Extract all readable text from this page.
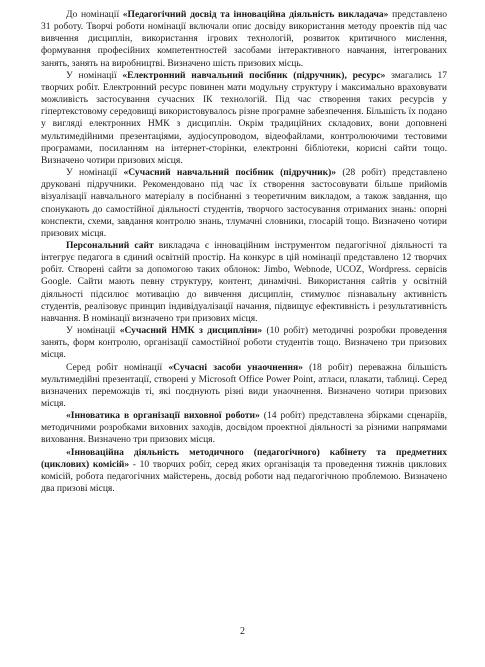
До номінації «Педагогічний досвід та інноваційна діяльність викладача» представлено 31 роботу. Творчі роботи номінації включали опис досвіду використання методу проектів під час вивчення дисциплін, використання ігрових технологій, розвиток критичного мислення, формування професійних компетентностей засобами інтерактивного навчання, інтегрованих занять, занять на виробництві. Визначено шість призових місць.

У номінації «Електронний навчальний посібник (підручник), ресурс» змагались 17 творчих робіт. Електронний ресурс повинен мати модульну структуру і максимально враховувати можливість застосування сучасних ІК технологій. Під час створення таких ресурсів у гіпертекстовому середовищі використовувалось різне програмне забезпечення. Більшість їх подано у вигляді електронних НМК з дисциплін. Окрім традиційних складових, вони доповнені мультимедійними презентаціями, аудіосупроводом, відеофайлами, контролюючими тестовими програмами, посиланням на інтернет-сторінки, електронні бібліотеки, корисні сайти тощо. Визначено чотири призових місця.

У номінації «Сучасний навчальний посібник (підручник)» (28 робіт) представлено друковані підручники. Рекомендовано під час їх створення застосовувати більше прийомів візуалізації навчального матеріалу в посібнанні з теоретичним викладом, а також завдання, що спонукають до самостійної діяльності студентів, творчого застосування отриманих знань: опорні конспекти, схеми, завдання контролю знань, тлумачні словники, глосарій тощо. Визначено чотири призових місця.

Персональний сайт викладача є інноваційним інструментом педагогічної діяльності та інтегрує педагога в єдиний освітній простір. На конкурс в цій номінації представлено 12 творчих робіт. Створені сайти за допомогою таких облонок: Jimbo, Webnode, UCOZ, Wordpress. сервісів Google. Сайти мають певну структуру, контент, динамічні. Використання сайтів у освітній діяльності підсилює мотивацію до вивчення дисциплін, стимулює пізнавальну активність студентів, реалізовує принцип індивідуалізації начання, підвищує ефективність і результативність навчання. В номінації визначено три призових місця.

У номінації «Сучасний НМК з дисципліни» (10 робіт) методичні розробки проведення занять, форм контролю, організації самостійної роботи студентів тощо. Визначено три призових місця.

Серед робіт номінації «Сучасні засоби унаочнення» (18 робіт) переважна більшість мультимедійні презентації, створені у Microsoft Office Power Point, атласи, плакати, таблиці. Серед визначених переможців ті, які поєднують різні види унаочнення. Визначено чотири призових місця.

«Інноватика в організації виховної роботи» (14 робіт) представлена збірками сценаріїв, методичними розробками виховних заходів, досвідом проектної діяльності за різними напрямами виховання. Визначено три призових місця.

«Інноваційна діяльність методичного (педагогічного) кабінету та предметних (циклових) комісій» - 10 творчих робіт, серед яких організація та проведення тижнів циклових комісій, робота педагогічних майстерень, досвід роботи над педагогічною проблемою. Визначено два призові місця.

2
